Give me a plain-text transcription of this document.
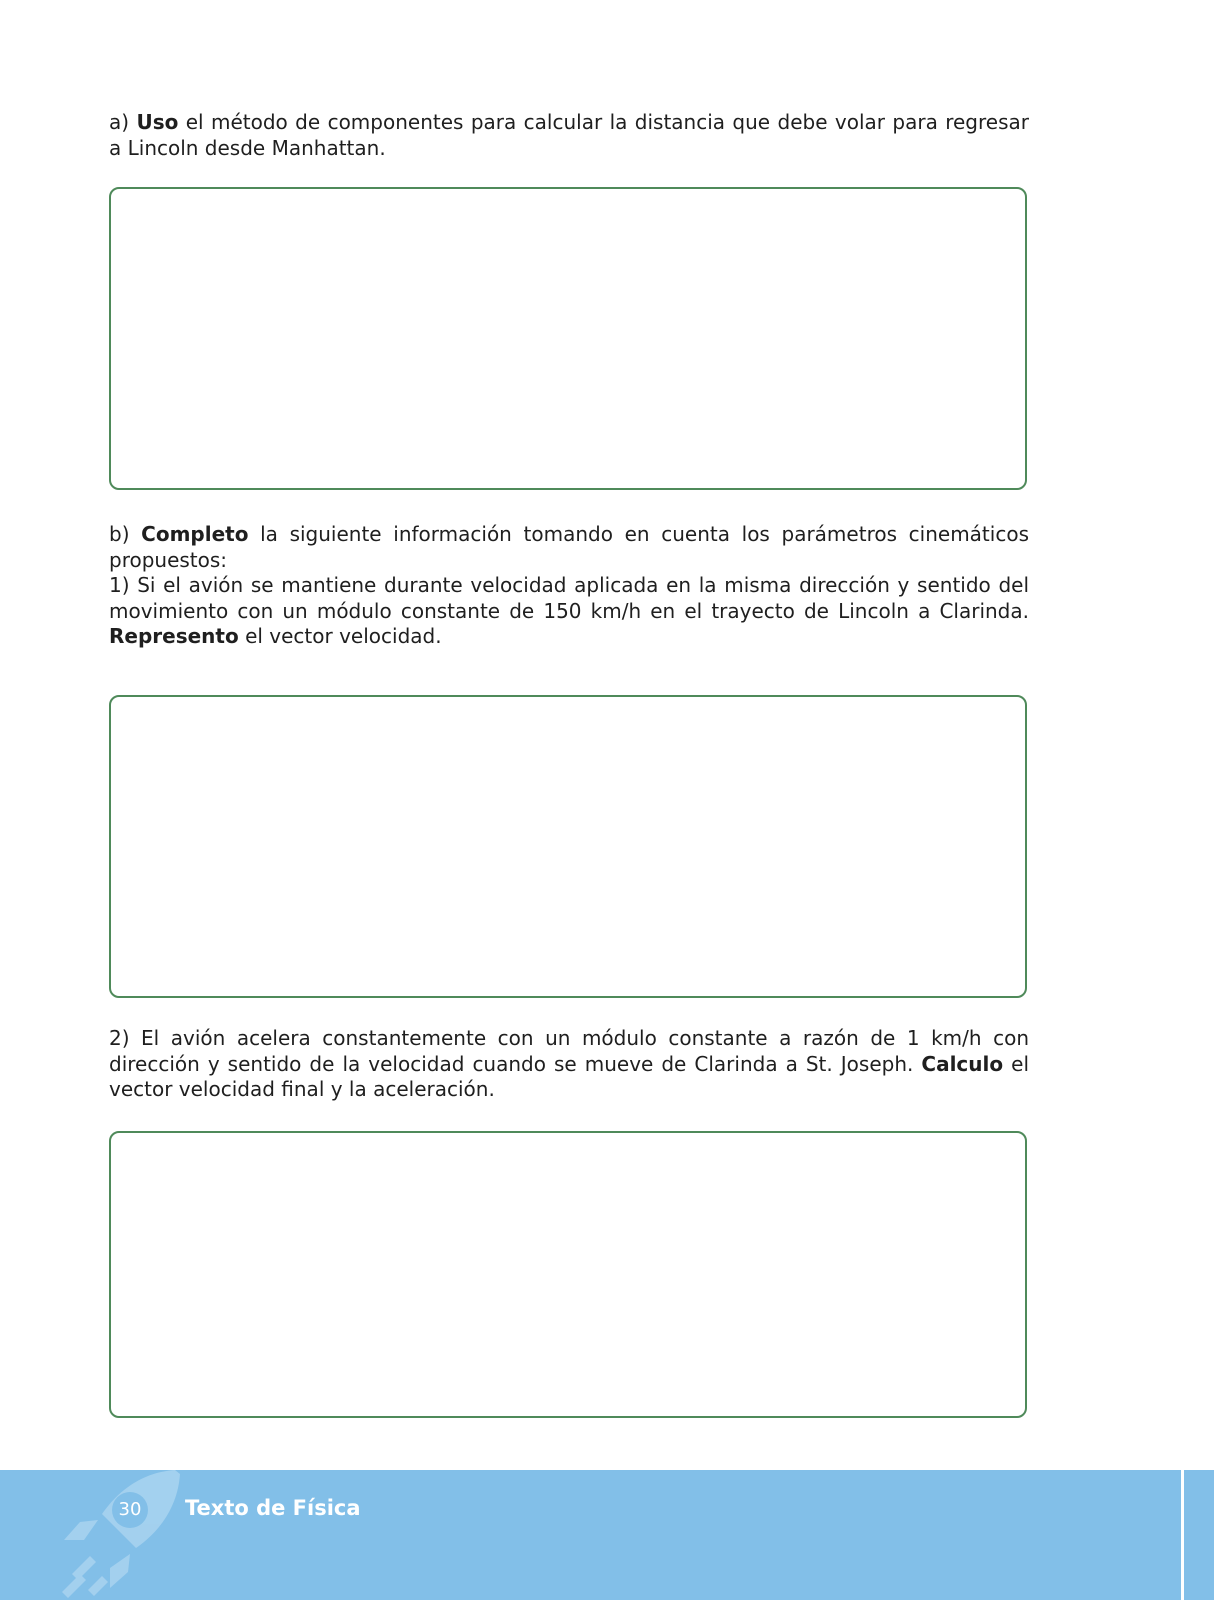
a) Uso el método de componentes para calcular la distancia que debe volar para regresar a Lincoln desde Manhattan.

b) Completo la siguiente información tomando en cuenta los parámetros cinemáticos propuestos:

1) Si el avión se mantiene durante velocidad aplicada en la misma dirección y sentido del movimiento con un módulo constante de 150 km/h en el trayecto de Lincoln a Clarinda. Represento el vector velocidad.

2) El avión acelera constantemente con un módulo constante a razón de 1 km/h con dirección y sentido de la velocidad cuando se mueve de Clarinda a St. Joseph. Calculo el vector velocidad final y la aceleración.

30	Texto de Física
